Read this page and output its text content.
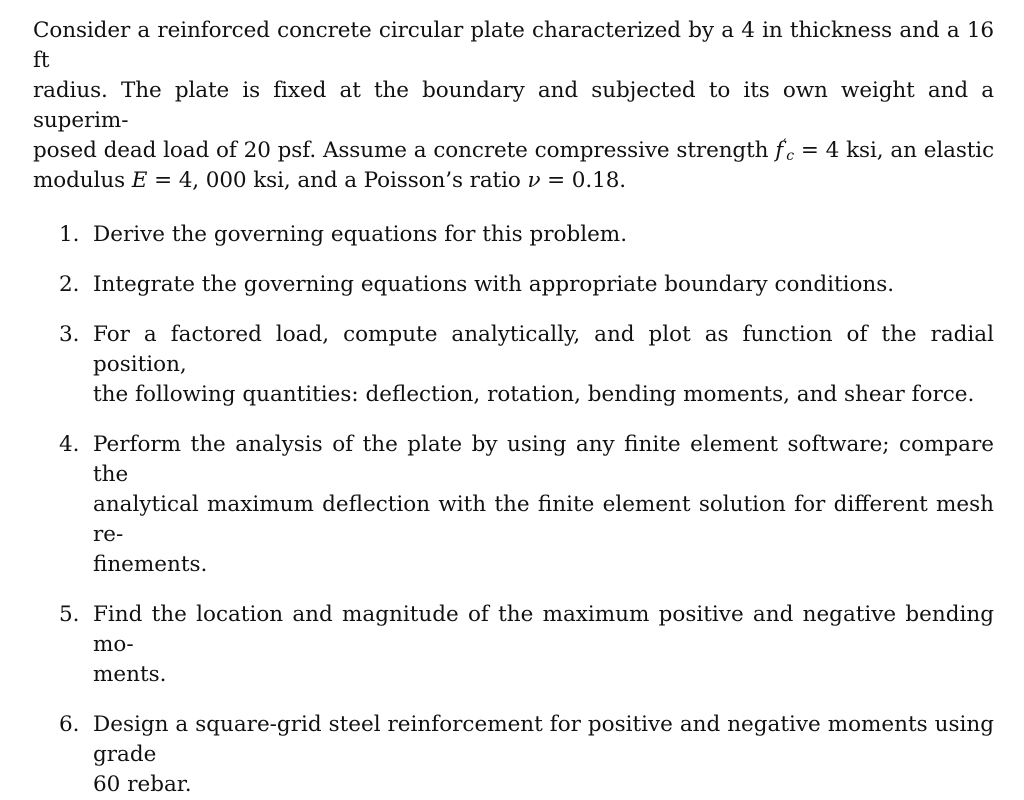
Consider a reinforced concrete circular plate characterized by a 4 in thickness and a 16 ft
radius. The plate is fixed at the boundary and subjected to its own weight and a superim-
posed dead load of 20 psf. Assume a concrete compressive strength $f'_c = 4$ ksi, an elastic
modulus E = 4, 000 ksi, and a Poisson’s ratio ν = 0.18.

1. Derive the governing equations for this problem.
2. Integrate the governing equations with appropriate boundary conditions.
3. For a factored load, compute analytically, and plot as function of the radial position,
the following quantities: deflection, rotation, bending moments, and shear force.
4. Perform the analysis of the plate by using any finite element software; compare the
analytical maximum deflection with the finite element solution for different mesh re-
finements.
5. Find the location and magnitude of the maximum positive and negative bending mo-
ments.
6. Design a square-grid steel reinforcement for positive and negative moments using grade
60 rebar.
